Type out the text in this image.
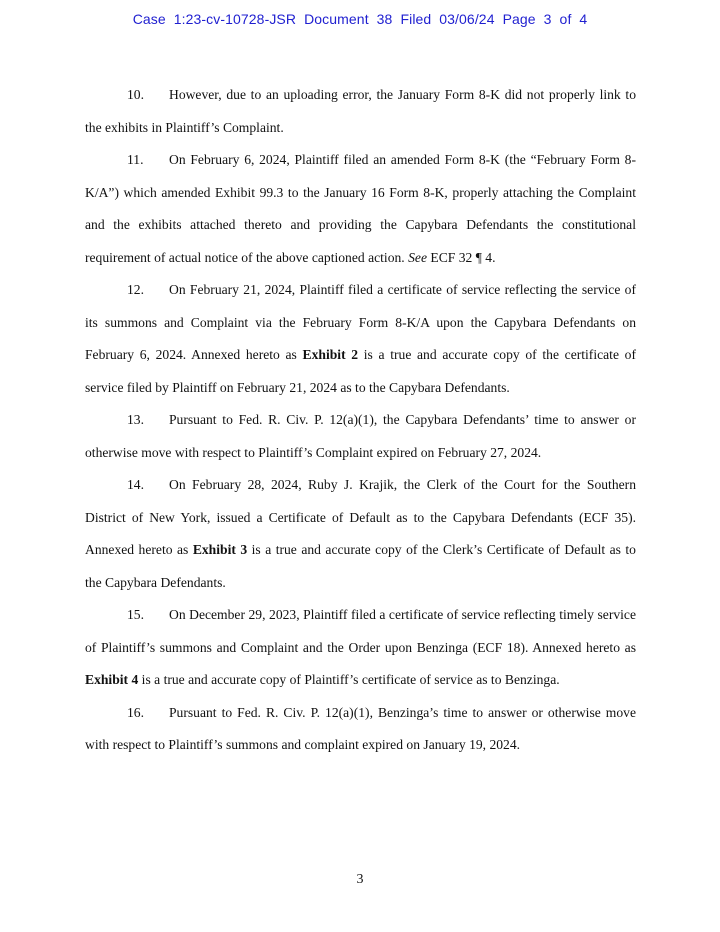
Case 1:23-cv-10728-JSR Document 38 Filed 03/06/24 Page 3 of 4

10. However, due to an uploading error, the January Form 8-K did not properly link to the exhibits in Plaintiff’s Complaint.

11. On February 6, 2024, Plaintiff filed an amended Form 8-K (the “February Form 8-K/A”) which amended Exhibit 99.3 to the January 16 Form 8-K, properly attaching the Complaint and the exhibits attached thereto and providing the Capybara Defendants the constitutional requirement of actual notice of the above captioned action. See ECF 32 ¶ 4.

12. On February 21, 2024, Plaintiff filed a certificate of service reflecting the service of its summons and Complaint via the February Form 8-K/A upon the Capybara Defendants on February 6, 2024. Annexed hereto as Exhibit 2 is a true and accurate copy of the certificate of service filed by Plaintiff on February 21, 2024 as to the Capybara Defendants.

13. Pursuant to Fed. R. Civ. P. 12(a)(1), the Capybara Defendants’ time to answer or otherwise move with respect to Plaintiff’s Complaint expired on February 27, 2024.

14. On February 28, 2024, Ruby J. Krajik, the Clerk of the Court for the Southern District of New York, issued a Certificate of Default as to the Capybara Defendants (ECF 35). Annexed hereto as Exhibit 3 is a true and accurate copy of the Clerk’s Certificate of Default as to the Capybara Defendants.

15. On December 29, 2023, Plaintiff filed a certificate of service reflecting timely service of Plaintiff’s summons and Complaint and the Order upon Benzinga (ECF 18). Annexed hereto as Exhibit 4 is a true and accurate copy of Plaintiff’s certificate of service as to Benzinga.

16. Pursuant to Fed. R. Civ. P. 12(a)(1), Benzinga’s time to answer or otherwise move with respect to Plaintiff’s summons and complaint expired on January 19, 2024.

3
